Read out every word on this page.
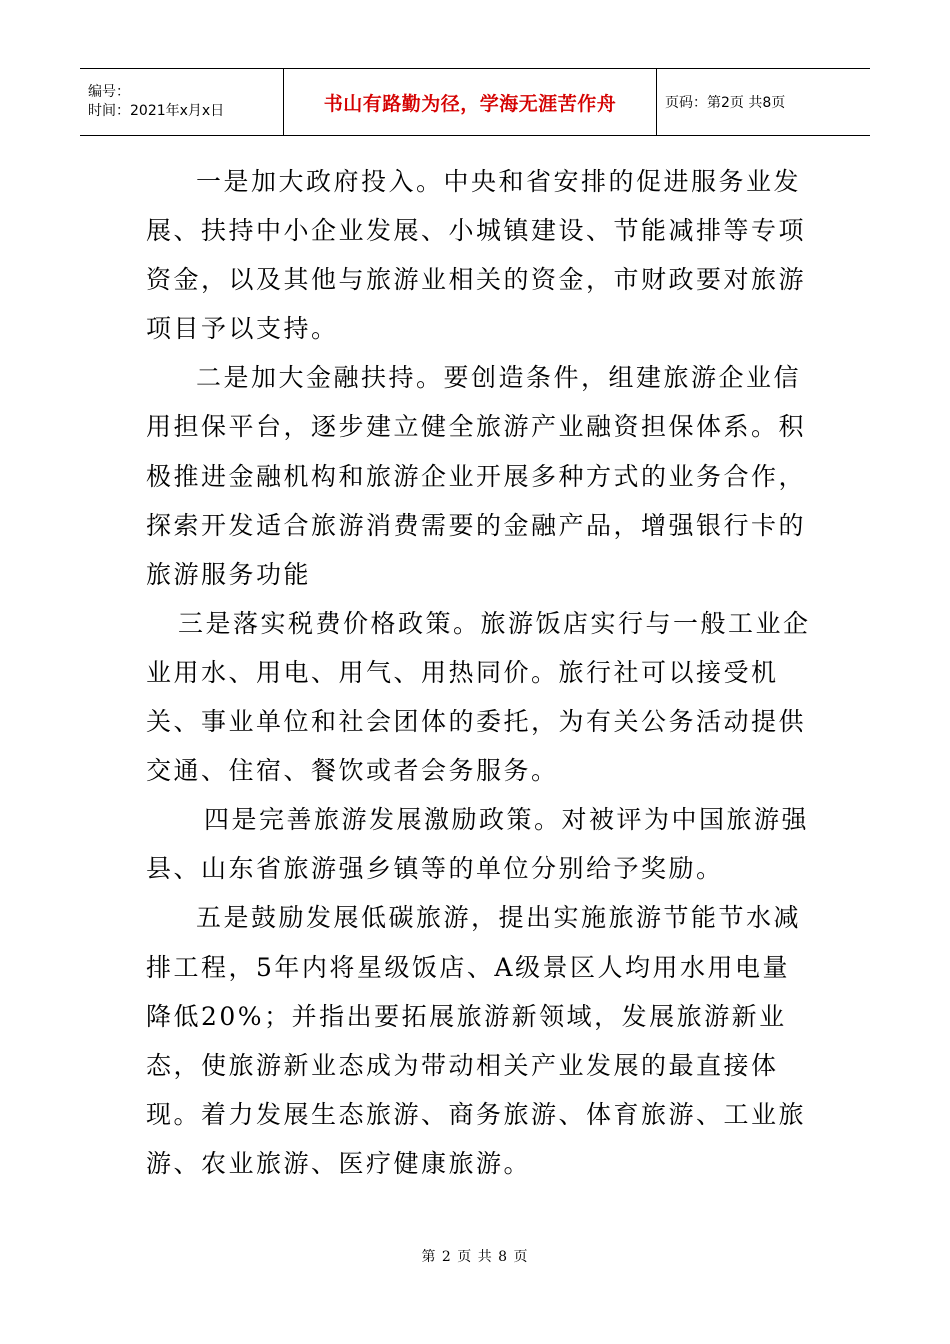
编号：
时间：2021年x月x日	书山有路勤为径，学海无涯苦作舟	页码：第2页 共8页

一是加大政府投入。中央和省安排的促进服务业发展、扶持中小企业发展、小城镇建设、节能减排等专项资金，以及其他与旅游业相关的资金，市财政要对旅游项目予以支持。

二是加大金融扶持。要创造条件，组建旅游企业信用担保平台，逐步建立健全旅游产业融资担保体系。积极推进金融机构和旅游企业开展多种方式的业务合作，探索开发适合旅游消费需要的金融产品，增强银行卡的旅游服务功能

三是落实税费价格政策。旅游饭店实行与一般工业企业用水、用电、用气、用热同价。旅行社可以接受机关、事业单位和社会团体的委托，为有关公务活动提供交通、住宿、餐饮或者会务服务。

四是完善旅游发展激励政策。对被评为中国旅游强县、山东省旅游强乡镇等的单位分别给予奖励。

五是鼓励发展低碳旅游，提出实施旅游节能节水减排工程，5年内将星级饭店、A级景区人均用水用电量降低20%；并指出要拓展旅游新领域，发展旅游新业态，使旅游新业态成为带动相关产业发展的最直接体现。着力发展生态旅游、商务旅游、体育旅游、工业旅游、农业旅游、医疗健康旅游。

第 2 页 共 8 页
